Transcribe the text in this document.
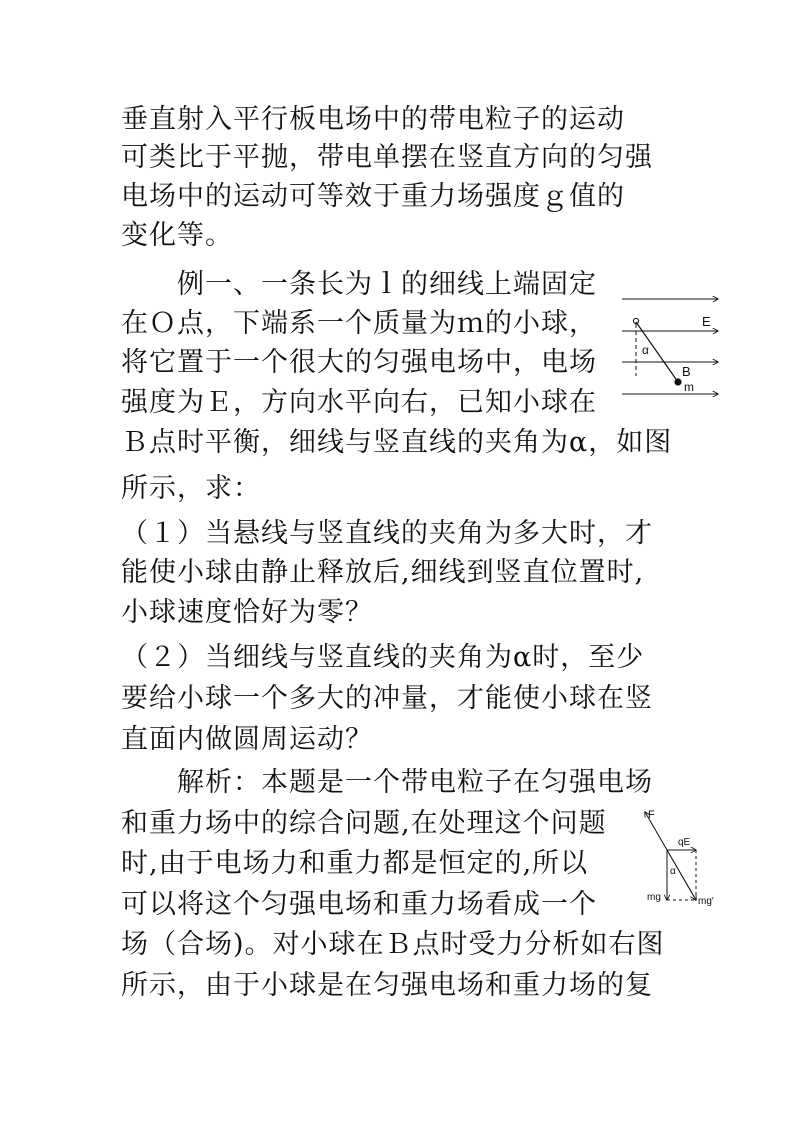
垂直射入平行板电场中的带电粒子的运动
可类比于平抛，带电单摆在竖直方向的匀强
电场中的运动可等效于重力场强度ｇ值的
变化等。
　　例一、一条长为ｌ的细线上端固定
在Ｏ点，下端系一个质量为ｍ的小球，
将它置于一个很大的匀强电场中，电场
强度为Ｅ，方向水平向右，已知小球在
Ｂ点时平衡，细线与竖直线的夹角为α，如图
所示，求：
（１）当悬线与竖直线的夹角为多大时，才
能使小球由静止释放后,细线到竖直位置时,
小球速度恰好为零？
（２）当细线与竖直线的夹角为α时，至少
要给小球一个多大的冲量，才能使小球在竖
直面内做圆周运动？
　　解析：本题是一个带电粒子在匀强电场
和重力场中的综合问题,在处理这个问题
时,由于电场力和重力都是恒定的,所以
可以将这个匀强电场和重力场看成一个
场（合场)。对小球在Ｂ点时受力分析如右图
所示，由于小球是在匀强电场和重力场的复
E
α
B
m
F
qE
α
mg	mg′
